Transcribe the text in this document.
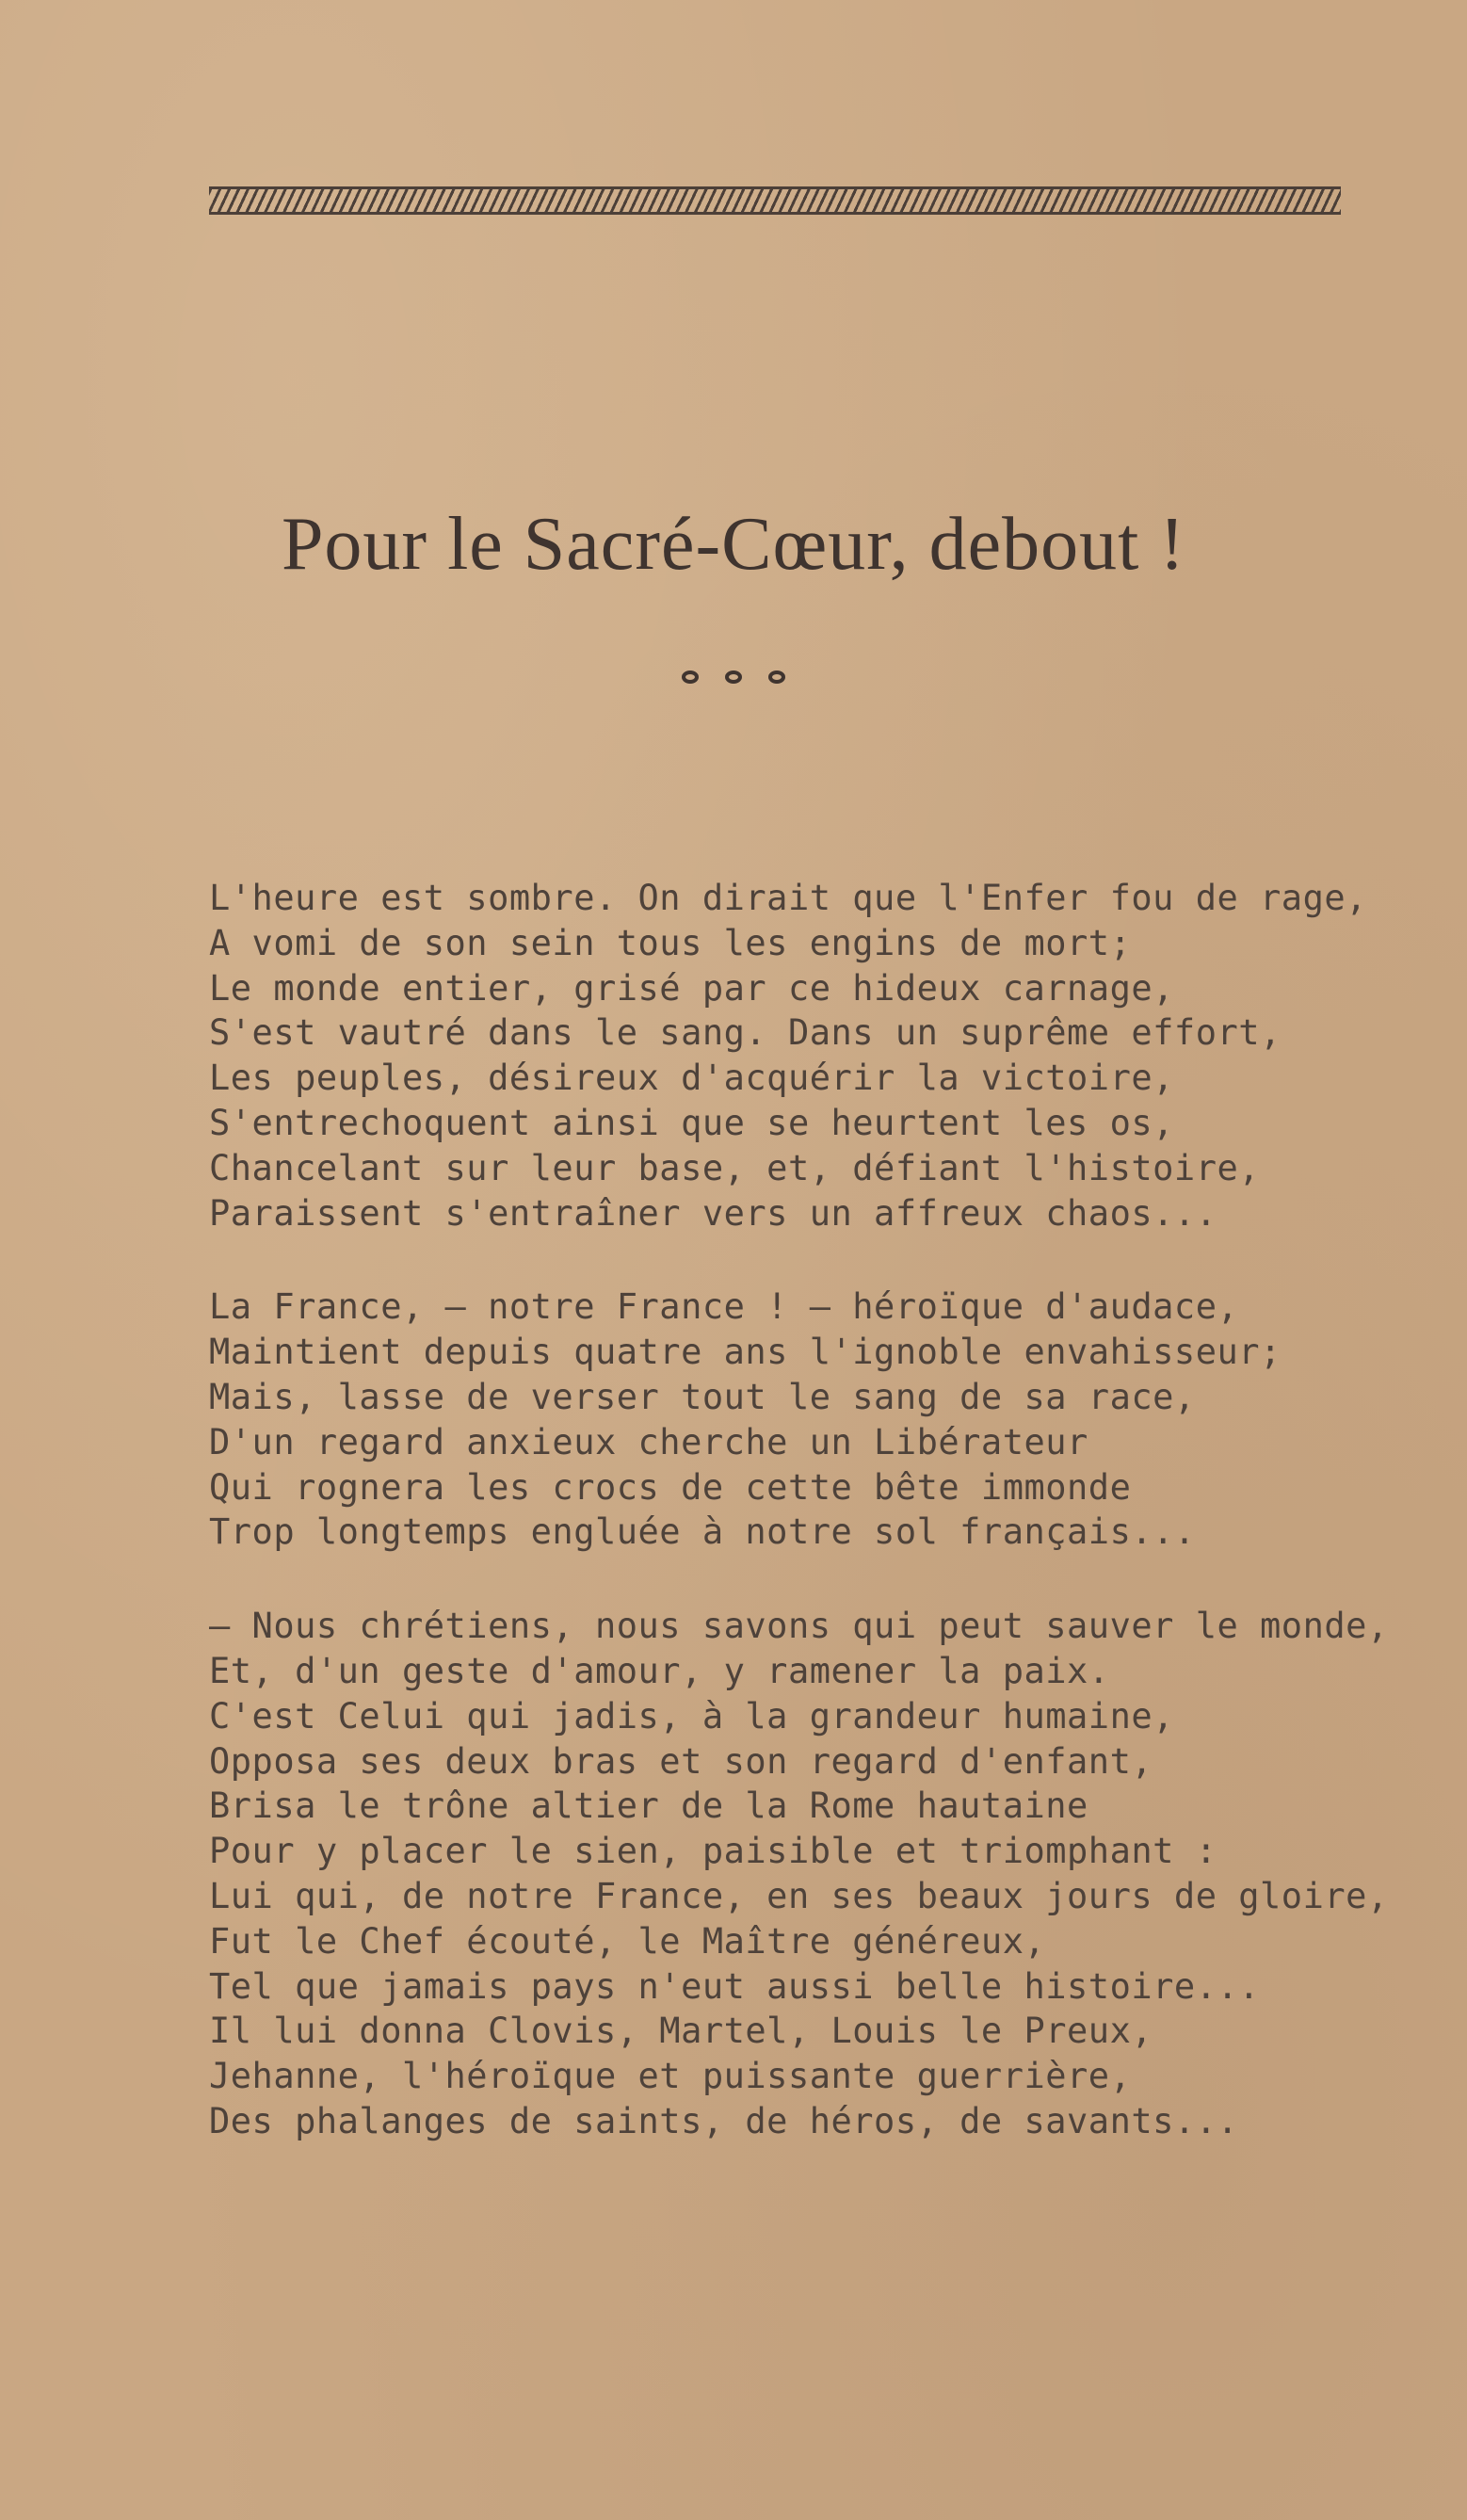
Pour le Sacré-Cœur, debout !
L'heure est sombre. On dirait que l'Enfer fou de rage,
A vomi de son sein tous les engins de mort;
Le monde entier, grisé par ce hideux carnage,
S'est vautré dans le sang. Dans un suprême effort,
Les peuples, désireux d'acquérir la victoire,
S'entrechoquent ainsi que se heurtent les os,
Chancelant sur leur base, et, défiant l'histoire,
Paraissent s'entraîner vers un affreux chaos...
La France, — notre France ! — héroïque d'audace,
Maintient depuis quatre ans l'ignoble envahisseur;
Mais, lasse de verser tout le sang de sa race,
D'un regard anxieux cherche un Libérateur
Qui rognera les crocs de cette bête immonde
Trop longtemps engluée à notre sol français...
— Nous chrétiens, nous savons qui peut sauver le monde,
Et, d'un geste d'amour, y ramener la paix.
C'est Celui qui jadis, à la grandeur humaine,
Opposa ses deux bras et son regard d'enfant,
Brisa le trône altier de la Rome hautaine
Pour y placer le sien, paisible et triomphant :
Lui qui, de notre France, en ses beaux jours de gloire,
Fut le Chef écouté, le Maître généreux,
Tel que jamais pays n'eut aussi belle histoire...
Il lui donna Clovis, Martel, Louis le Preux,
Jehanne, l'héroïque et puissante guerrière,
Des phalanges de saints, de héros, de savants...
